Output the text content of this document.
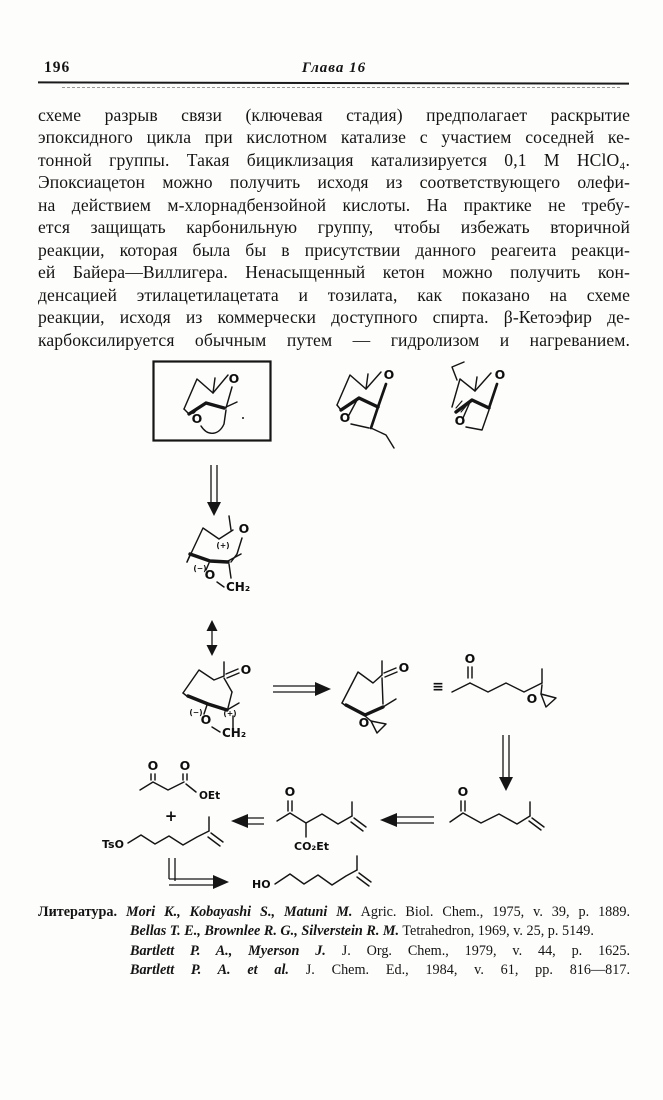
196	Глава 16
схеме разрыв связи (ключевая стадия) предполагает раскрытие
эпоксидного цикла при кислотном катализе с участием соседней ке-
тонной группы. Такая бициклизация катализируется 0,1 М HClO₄.
Эпоксиацетон можно получить исходя из соответствующего олефи-
на действием м-хлорнадбензойной кислоты. На практике не требу-
ется защищать карбонильную группу, чтобы избежать вторичной
реакции, которая была бы в присутствии данного реагеита реакци-
ей Байера—Виллигера. Ненасыщенный кетон можно получить кон-
денсацией этилацетилацетата и тозилата, как показано на схеме
реакции, исходя из коммерчески доступного спирта. β-Кетоэфир де-
карбоксилируется обычным путем — гидролизом и нагреванием.
O
O
O
O
O
O
O
(+)
(−)
O
CH₂
O
(+)
(−)
O
CH₂
O
O
≡
O
O
O
O
CO₂Et
O O
OEt
+
TsO
HO
Литература. Mori K., Kobayashi S., Matuni M. Agric. Biol. Chem., 1975, v. 39, p. 1889.
Bellas T. E., Brownlee R. G., Silverstein R. M. Tetrahedron, 1969, v. 25, p. 5149.
Bartlett P. A., Myerson J. J. Org. Chem., 1979, v. 44, p. 1625.
Bartlett P. A. et al. J. Chem. Ed., 1984, v. 61, pp. 816—817.
